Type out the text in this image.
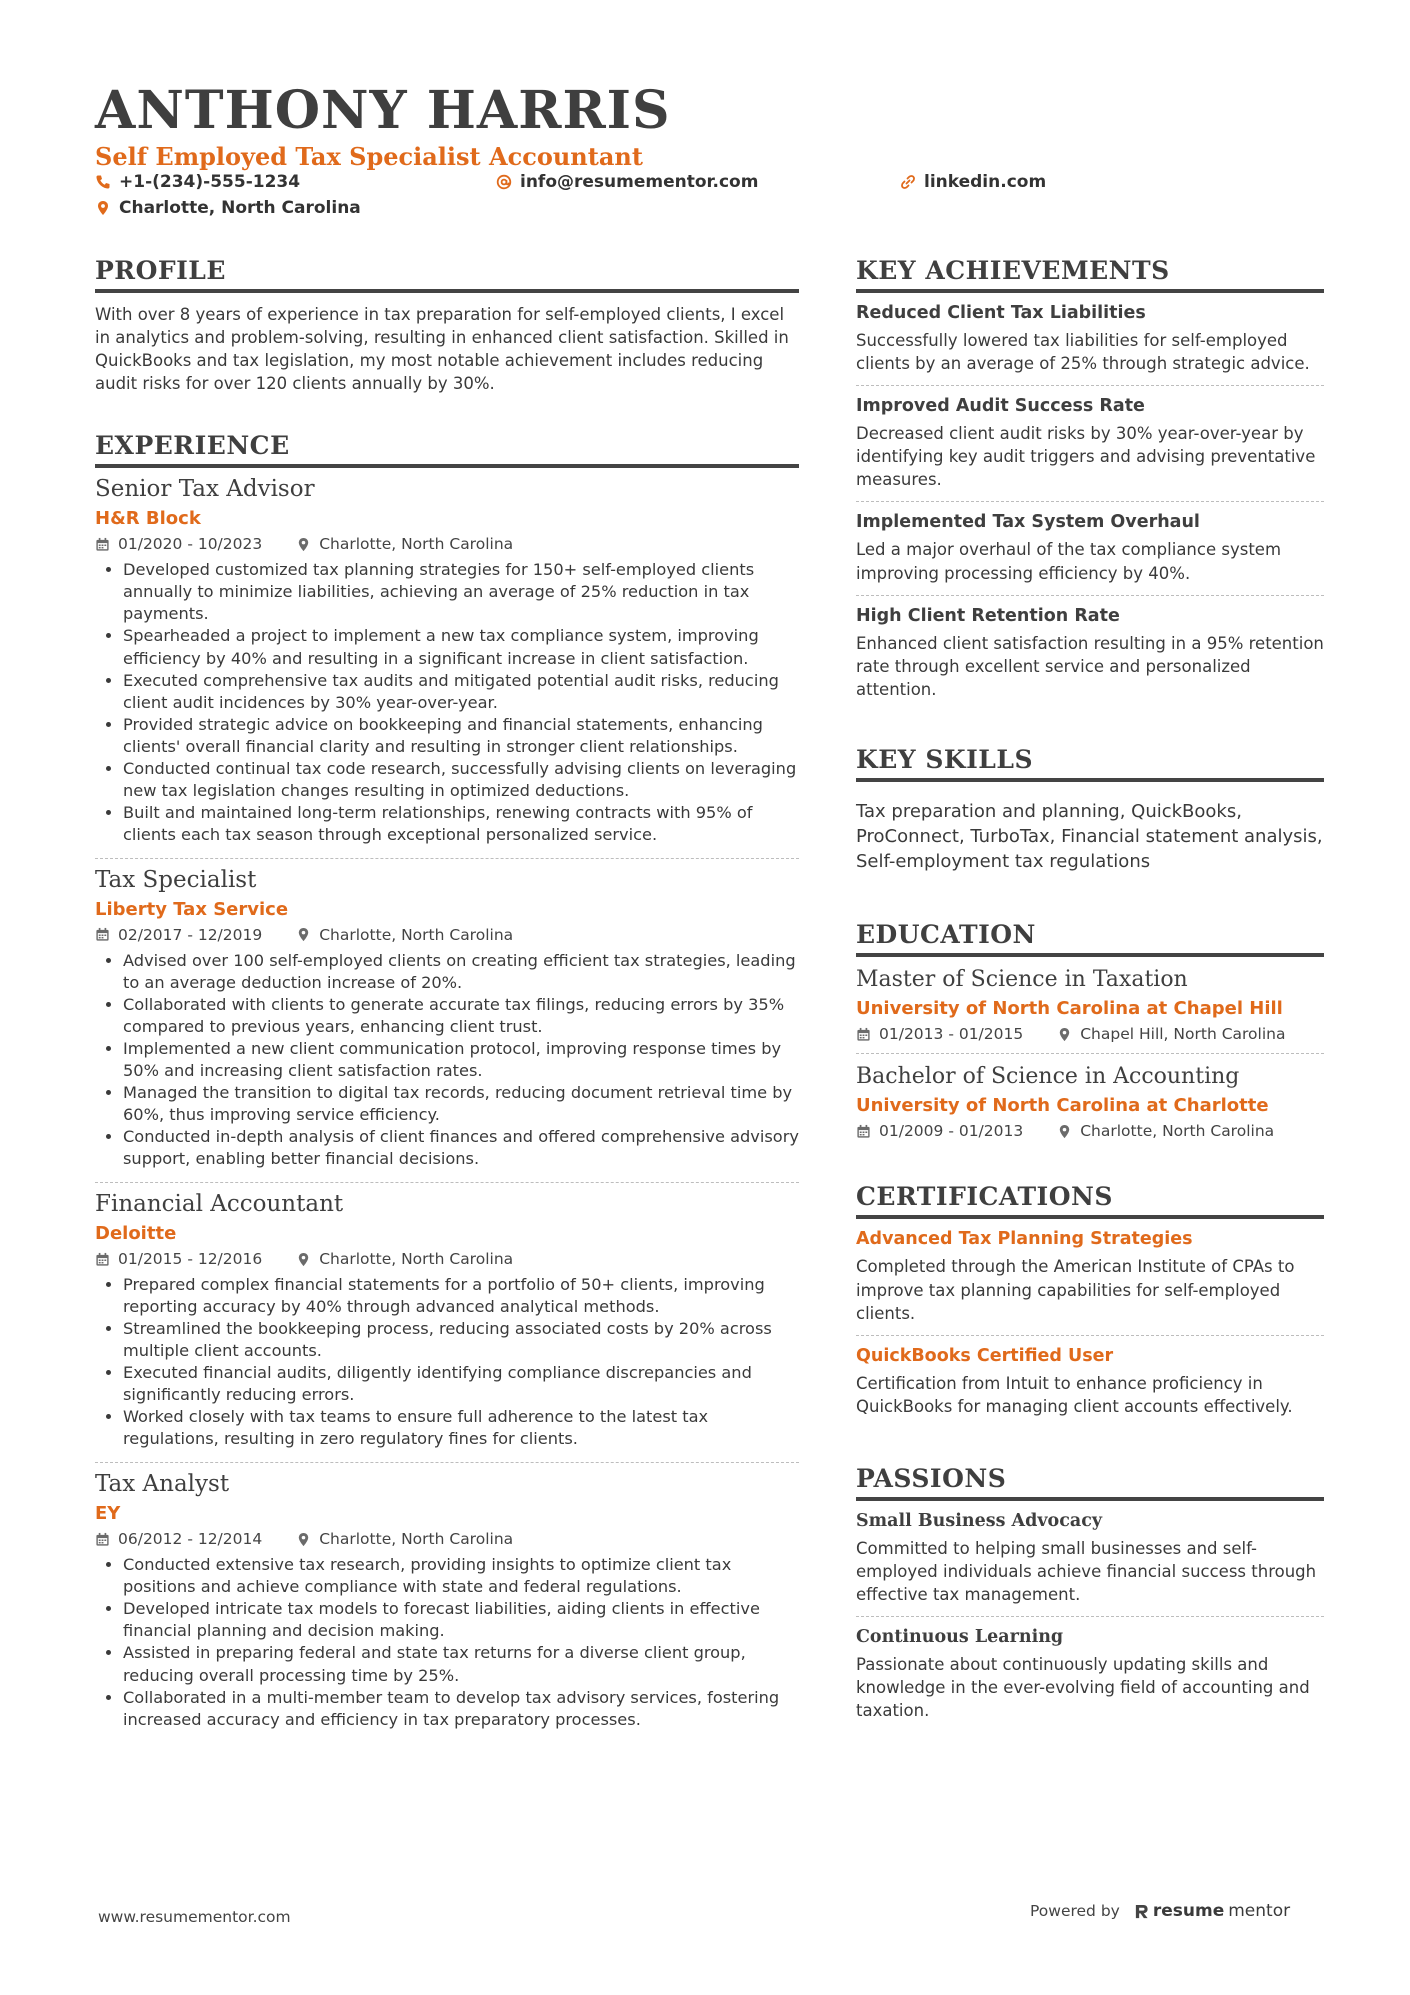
ANTHONY HARRIS
Self Employed Tax Specialist Accountant
+1-(234)-555-1234	info@resumementor.com	linkedin.com
Charlotte, North Carolina
PROFILE

With over 8 years of experience in tax preparation for self-employed clients, I excel in analytics and problem-solving, resulting in enhanced client satisfaction. Skilled in QuickBooks and tax legislation, my most notable achievement includes reducing audit risks for over 120 clients annually by 30%.

EXPERIENCE
Senior Tax Advisor
H&R Block
01/2020 - 10/2023	Charlotte, North Carolina
• Developed customized tax planning strategies for 150+ self-employed clients annually to minimize liabilities, achieving an average of 25% reduction in tax payments.
• Spearheaded a project to implement a new tax compliance system, improving efficiency by 40% and resulting in a significant increase in client satisfaction.
• Executed comprehensive tax audits and mitigated potential audit risks, reducing client audit incidences by 30% year-over-year.
• Provided strategic advice on bookkeeping and financial statements, enhancing clients' overall financial clarity and resulting in stronger client relationships.
• Conducted continual tax code research, successfully advising clients on leveraging new tax legislation changes resulting in optimized deductions.
• Built and maintained long-term relationships, renewing contracts with 95% of clients each tax season through exceptional personalized service.
Tax Specialist
Liberty Tax Service
02/2017 - 12/2019	Charlotte, North Carolina
• Advised over 100 self-employed clients on creating efficient tax strategies, leading to an average deduction increase of 20%.
• Collaborated with clients to generate accurate tax filings, reducing errors by 35% compared to previous years, enhancing client trust.
• Implemented a new client communication protocol, improving response times by 50% and increasing client satisfaction rates.
• Managed the transition to digital tax records, reducing document retrieval time by 60%, thus improving service efficiency.
• Conducted in-depth analysis of client finances and offered comprehensive advisory support, enabling better financial decisions.
Financial Accountant
Deloitte
01/2015 - 12/2016	Charlotte, North Carolina
• Prepared complex financial statements for a portfolio of 50+ clients, improving reporting accuracy by 40% through advanced analytical methods.
• Streamlined the bookkeeping process, reducing associated costs by 20% across multiple client accounts.
• Executed financial audits, diligently identifying compliance discrepancies and significantly reducing errors.
• Worked closely with tax teams to ensure full adherence to the latest tax regulations, resulting in zero regulatory fines for clients.
Tax Analyst
EY
06/2012 - 12/2014	Charlotte, North Carolina
• Conducted extensive tax research, providing insights to optimize client tax positions and achieve compliance with state and federal regulations.
• Developed intricate tax models to forecast liabilities, aiding clients in effective financial planning and decision making.
• Assisted in preparing federal and state tax returns for a diverse client group, reducing overall processing time by 25%.
• Collaborated in a multi-member team to develop tax advisory services, fostering increased accuracy and efficiency in tax preparatory processes.
KEY ACHIEVEMENTS
Reduced Client Tax Liabilities
Successfully lowered tax liabilities for self-employed clients by an average of 25% through strategic advice.
Improved Audit Success Rate
Decreased client audit risks by 30% year-over-year by identifying key audit triggers and advising preventative measures.
Implemented Tax System Overhaul
Led a major overhaul of the tax compliance system improving processing efficiency by 40%.
High Client Retention Rate
Enhanced client satisfaction resulting in a 95% retention rate through excellent service and personalized attention.
KEY SKILLS

Tax preparation and planning, QuickBooks, ProConnect, TurboTax, Financial statement analysis, Self-employment tax regulations

EDUCATION
Master of Science in Taxation
University of North Carolina at Chapel Hill
01/2013 - 01/2015	Chapel Hill, North Carolina
Bachelor of Science in Accounting
University of North Carolina at Charlotte
01/2009 - 01/2013	Charlotte, North Carolina
CERTIFICATIONS
Advanced Tax Planning Strategies
Completed through the American Institute of CPAs to improve tax planning capabilities for self-employed clients.
QuickBooks Certified User
Certification from Intuit to enhance proficiency in QuickBooks for managing client accounts effectively.
PASSIONS
Small Business Advocacy
Committed to helping small businesses and self-employed individuals achieve financial success through effective tax management.
Continuous Learning
Passionate about continuously updating skills and knowledge in the ever-evolving field of accounting and taxation.
www.resumementor.com	Powered by resume mentor
